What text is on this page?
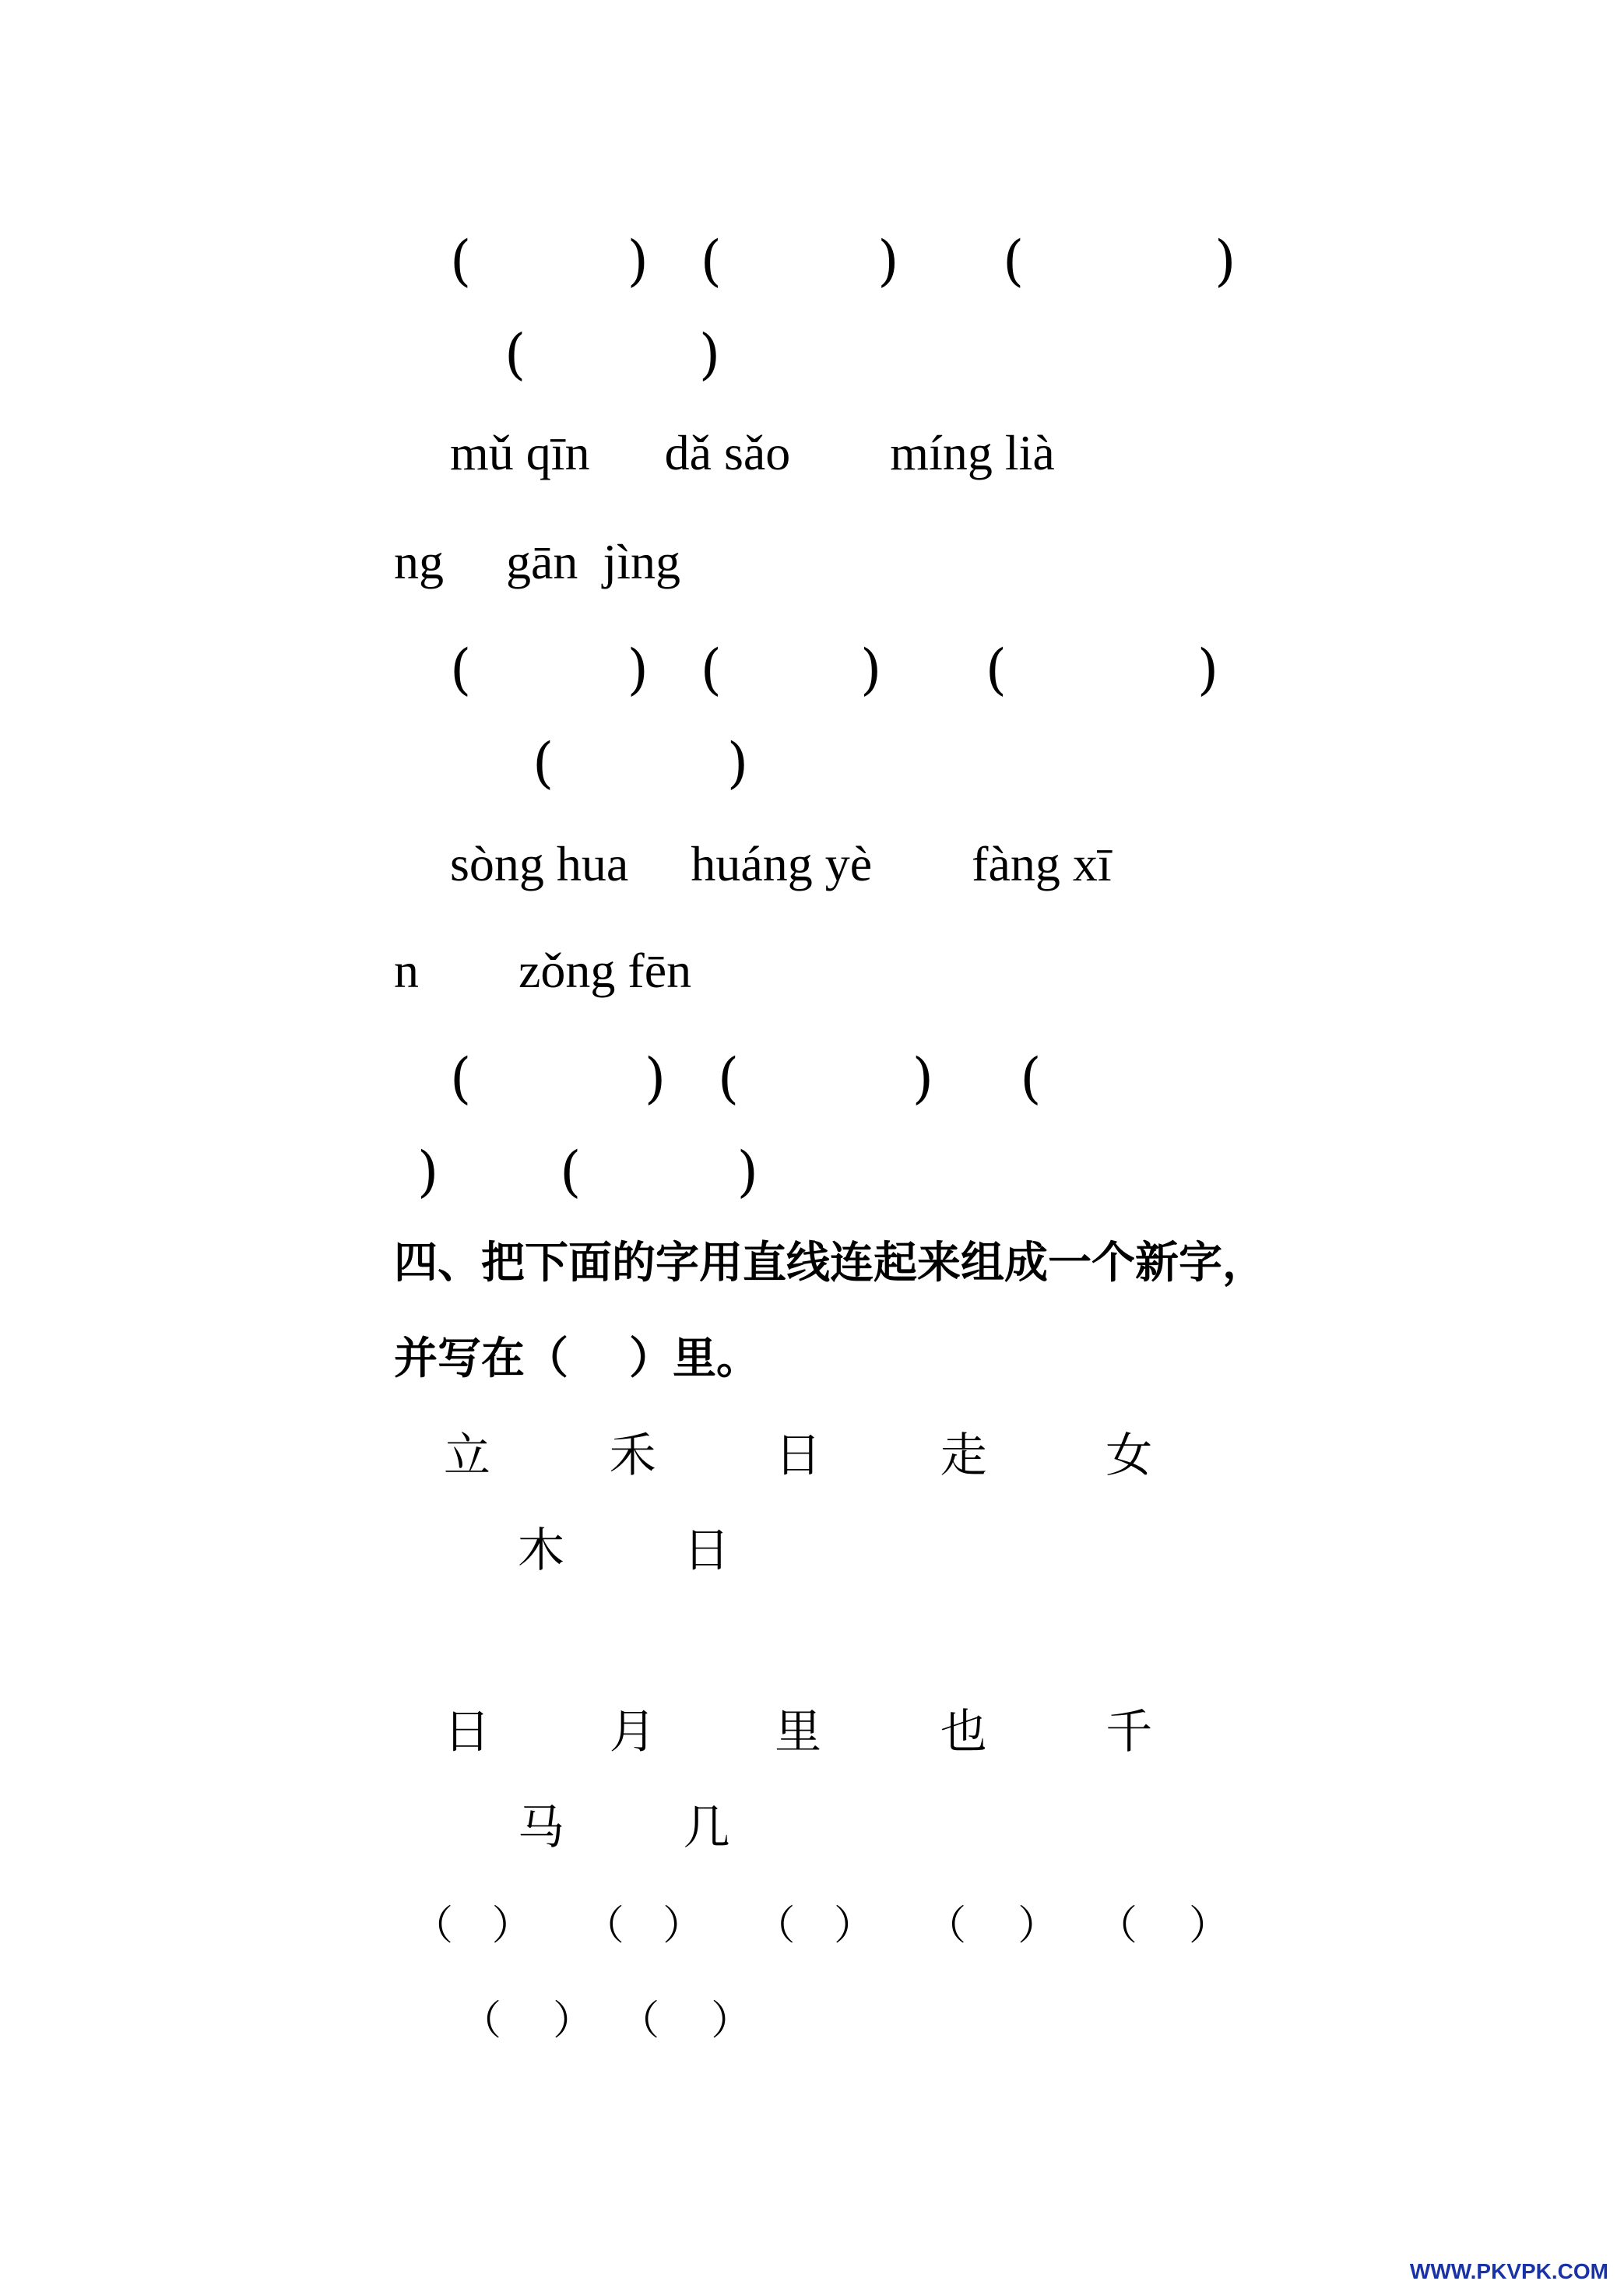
(         )   (         )      (           )
(          )
mǔ qīn      dǎ sǎo        míng lià
ng     gān  jìng
(         )   (        )      (           )
(          )
sòng hua     huáng yè        fàng xī
n        zǒng fēn
(          )   (          )     (
)       (         )
四、把下面的字用直线连起来组成一个新字，
并写在（    ）里。
立        禾        日        走        女
木        日
日        月        里        也        千
马        几
（   ）    （   ）    （   ）    （    ）   （    ）
（    ）  （    ）
WWW.PKVPK.COM
